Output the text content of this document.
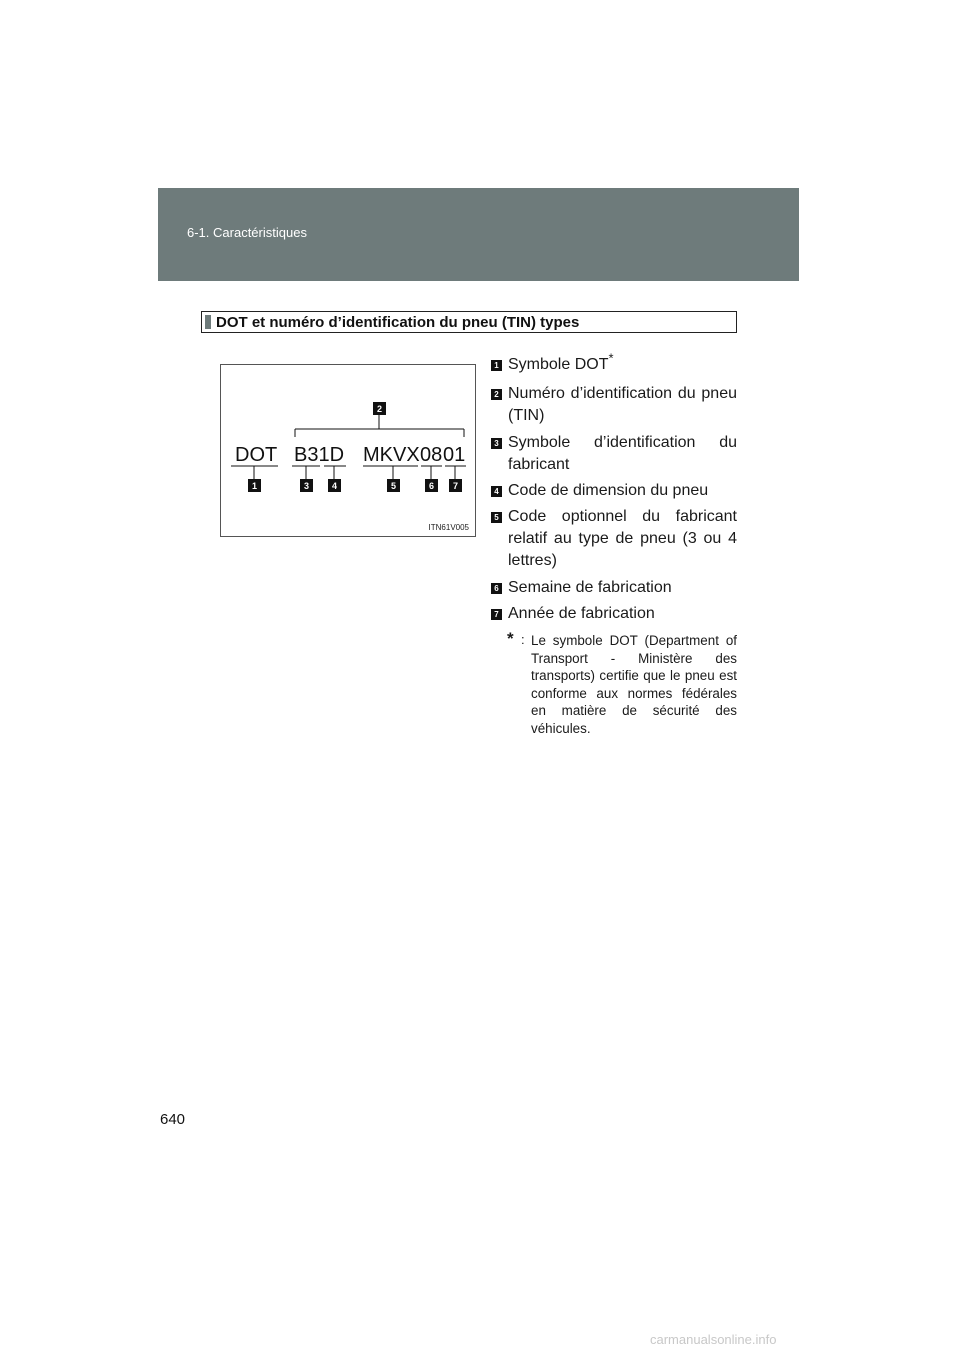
6-1. Caractéristiques
DOT et numéro d’identification du pneu (TIN) types
2
DOT B31D MKVX 08 01
1	3	4	5	6 7
ITN61V005
1 Symbole DOT*
2 Numéro d’identification du pneu (TIN)
3 Symbole d’identification du fabricant
4 Code de dimension du pneu
5 Code optionnel du fabricant relatif au type de pneu (3 ou 4 lettres)
6 Semaine de fabrication
7 Année de fabrication
* : Le symbole DOT (Department of Transport - Ministère des transports) certifie que le pneu est conforme aux normes fédérales en matière de sécurité des véhicules.
640
carmanualsonline.info
